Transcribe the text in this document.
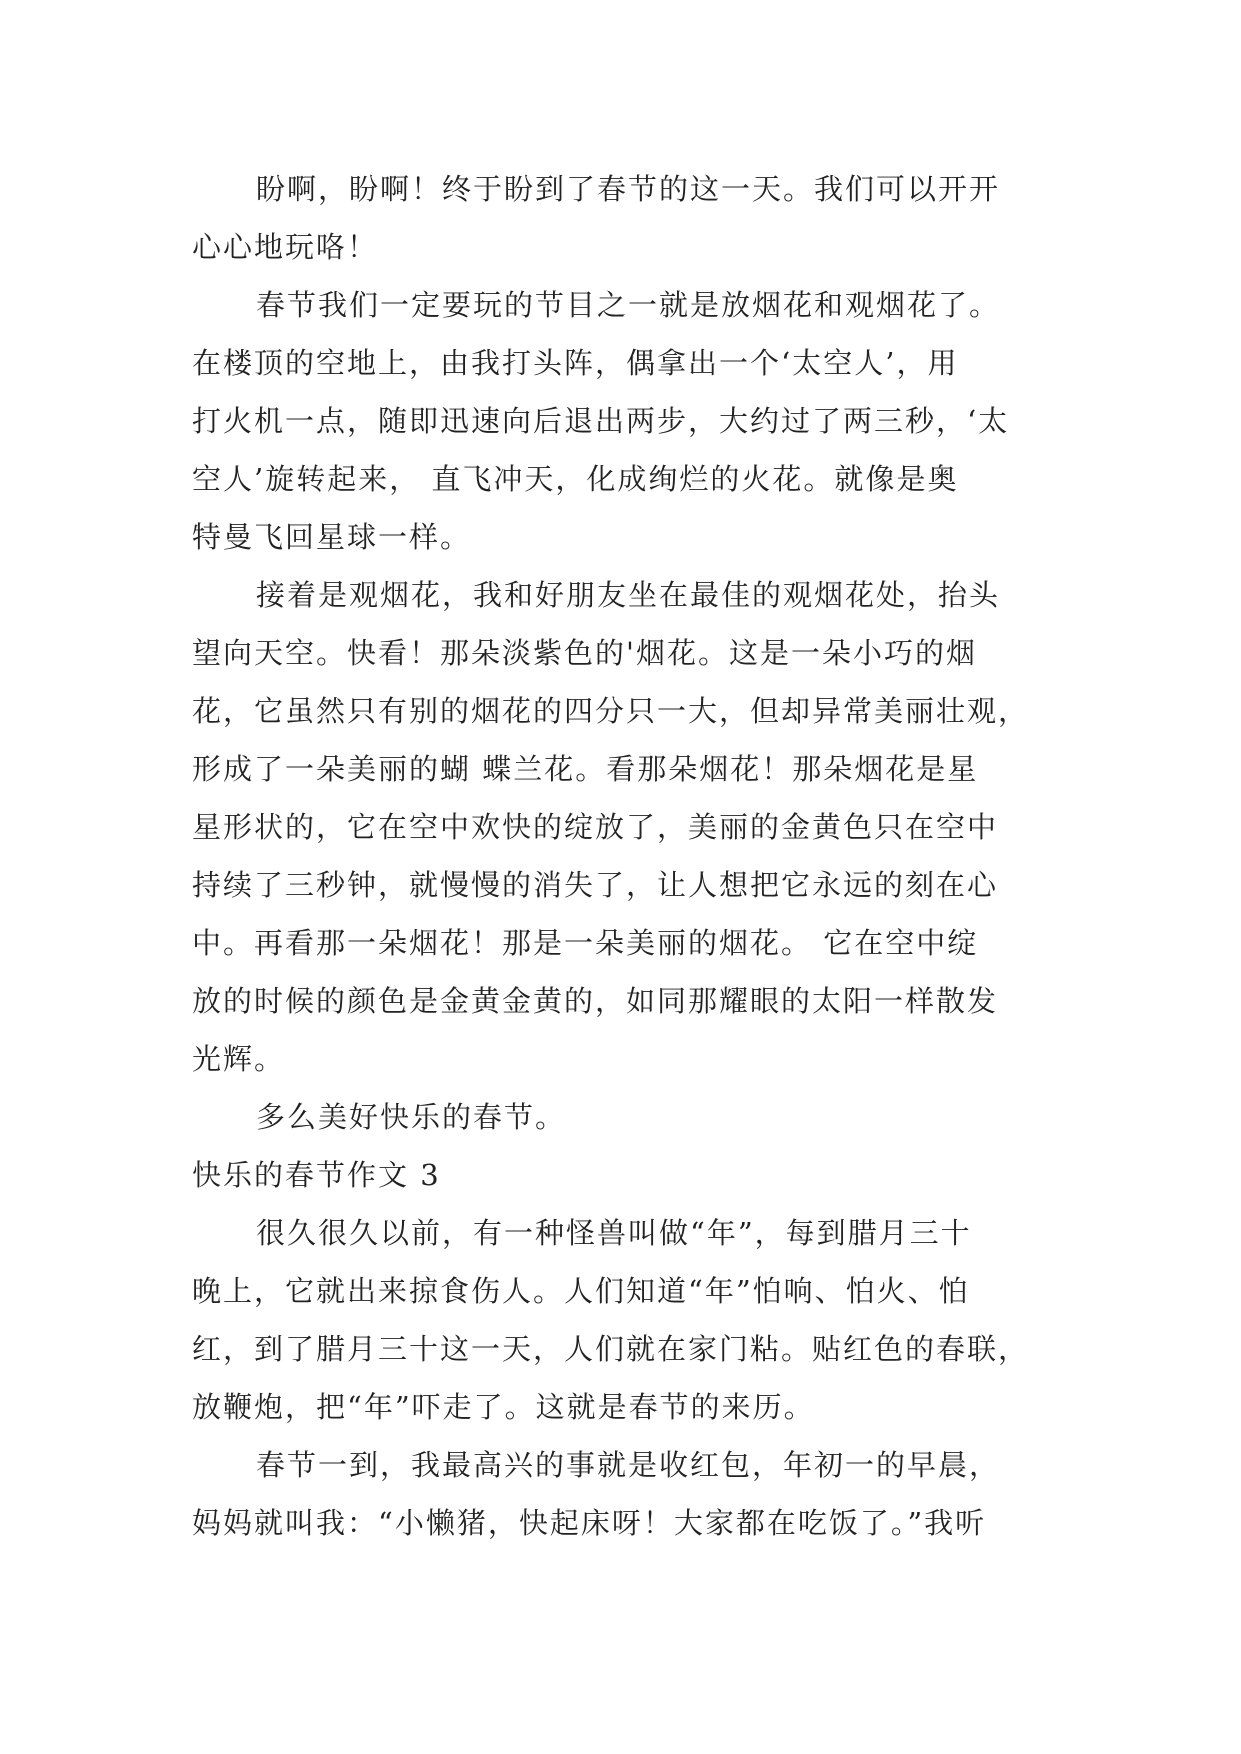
盼啊，盼啊！终于盼到了春节的这一天。我们可以开开
心心地玩咯！
春节我们一定要玩的节目之一就是放烟花和观烟花了。
在楼顶的空地上，由我打头阵，偶拿出一个‘太空人’，用
打火机一点，随即迅速向后退出两步，大约过了两三秒，‘太
空人’旋转起来， 直飞冲天，化成绚烂的火花。就像是奥
特曼飞回星球一样。
接着是观烟花，我和好朋友坐在最佳的观烟花处，抬头
望向天空。快看！那朵淡紫色的'烟花。这是一朵小巧的烟
花，它虽然只有别的烟花的四分只一大，但却异常美丽壮观，
形成了一朵美丽的蝴 蝶兰花。看那朵烟花！那朵烟花是星
星形状的，它在空中欢快的绽放了，美丽的金黄色只在空中
持续了三秒钟，就慢慢的消失了，让人想把它永远的刻在心
中。再看那一朵烟花！那是一朵美丽的烟花。 它在空中绽
放的时候的颜色是金黄金黄的，如同那耀眼的太阳一样散发
光辉。
多么美好快乐的春节。
快乐的春节作文 3
很久很久以前，有一种怪兽叫做“年”，每到腊月三十
晚上，它就出来掠食伤人。人们知道“年”怕响、怕火、怕
红，到了腊月三十这一天，人们就在家门粘。贴红色的春联，
放鞭炮，把“年”吓走了。这就是春节的来历。
春节一到，我最高兴的事就是收红包，年初一的早晨，
妈妈就叫我：“小懒猪，快起床呀！大家都在吃饭了。”我听
